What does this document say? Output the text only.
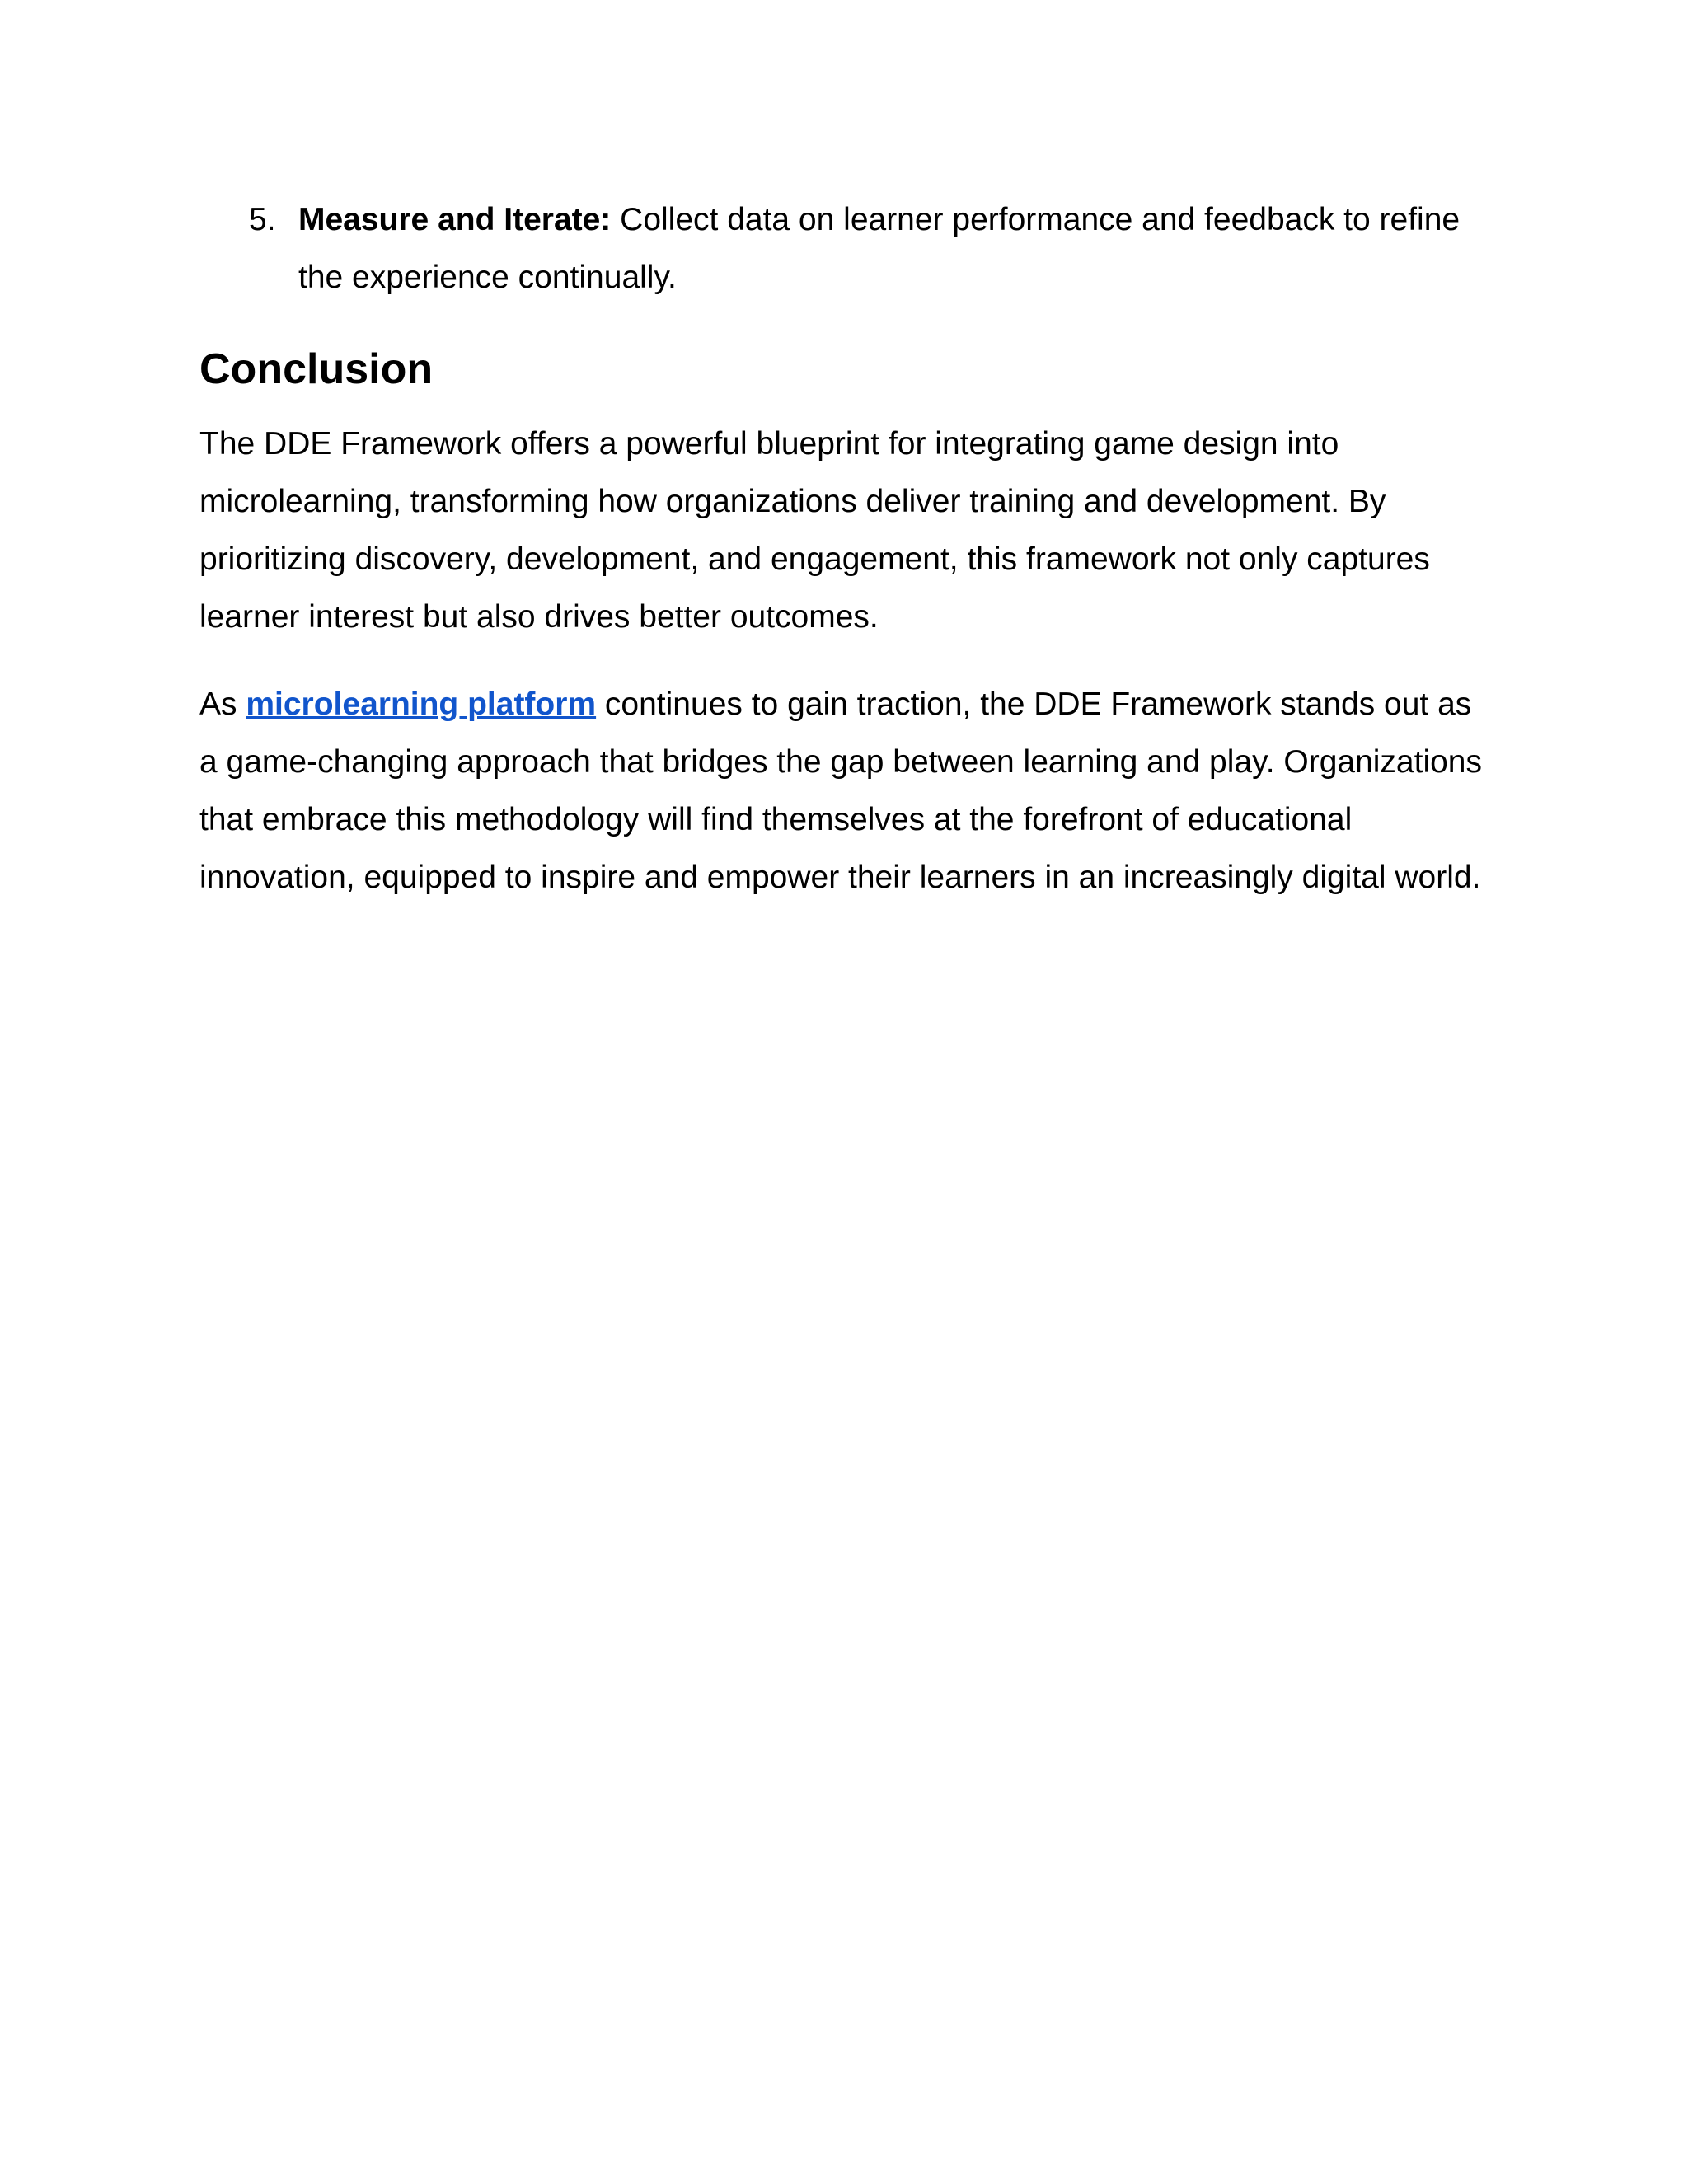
5. Measure and Iterate: Collect data on learner performance and feedback to refine the experience continually.

Conclusion

The DDE Framework offers a powerful blueprint for integrating game design into microlearning, transforming how organizations deliver training and development. By prioritizing discovery, development, and engagement, this framework not only captures learner interest but also drives better outcomes.

As microlearning platform continues to gain traction, the DDE Framework stands out as a game-changing approach that bridges the gap between learning and play. Organizations that embrace this methodology will find themselves at the forefront of educational innovation, equipped to inspire and empower their learners in an increasingly digital world.
